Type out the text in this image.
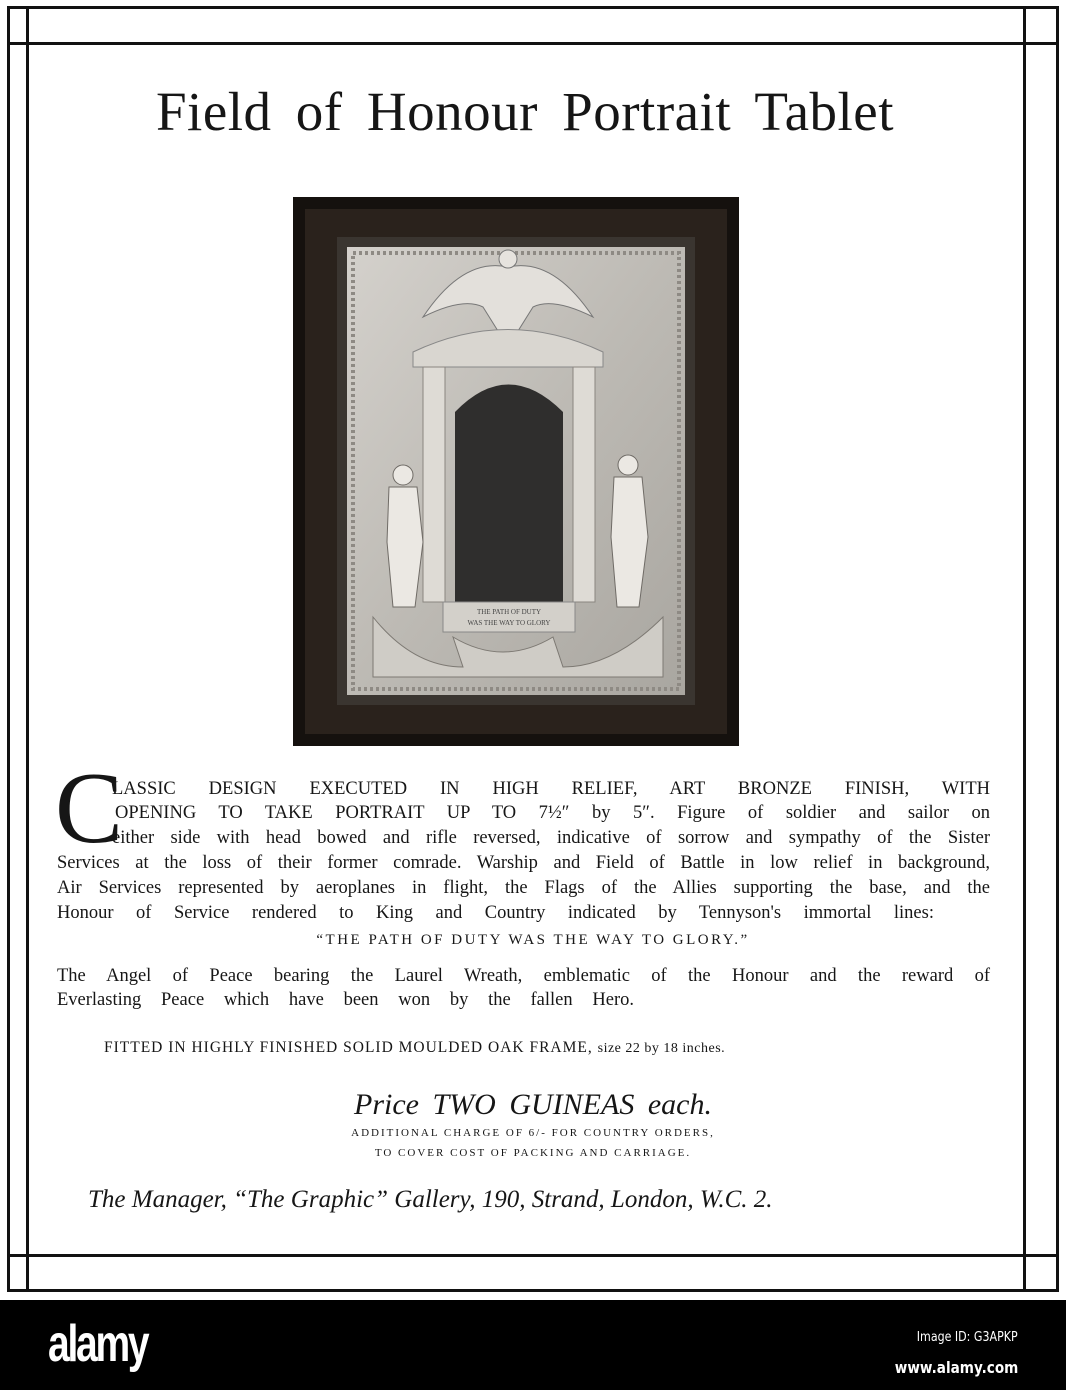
Field of Honour Portrait Tablet
THE PATH OF DUTY
WAS THE WAY TO GLORY
C
LASSIC DESIGN EXECUTED IN HIGH RELIEF, ART BRONZE FINISH, WITH
OPENING TO TAKE PORTRAIT UP TO 7½″ by 5″. Figure of soldier and sailor on
either side with head bowed and rifle reversed, indicative of sorrow and sympathy of the Sister
Services at the loss of their former comrade. Warship and Field of Battle in low relief in background,
Air Services represented by aeroplanes in flight, the Flags of the Allies supporting the base, and the
Honour of Service rendered to King and Country indicated by Tennyson's immortal lines:
“THE PATH OF DUTY WAS THE WAY TO GLORY.”
The Angel of Peace bearing the Laurel Wreath, emblematic of the Honour and the reward of
Everlasting Peace which have been won by the fallen Hero.
FITTED IN HIGHLY FINISHED SOLID MOULDED OAK FRAME, size 22 by 18 inches.
Price TWO GUINEAS each.
ADDITIONAL CHARGE OF 6/- FOR COUNTRY ORDERS,
TO COVER COST OF PACKING AND CARRIAGE.
The Manager, “The Graphic” Gallery, 190, Strand, London, W.C. 2.
alamy	Image ID: G3APKP
www.alamy.com
